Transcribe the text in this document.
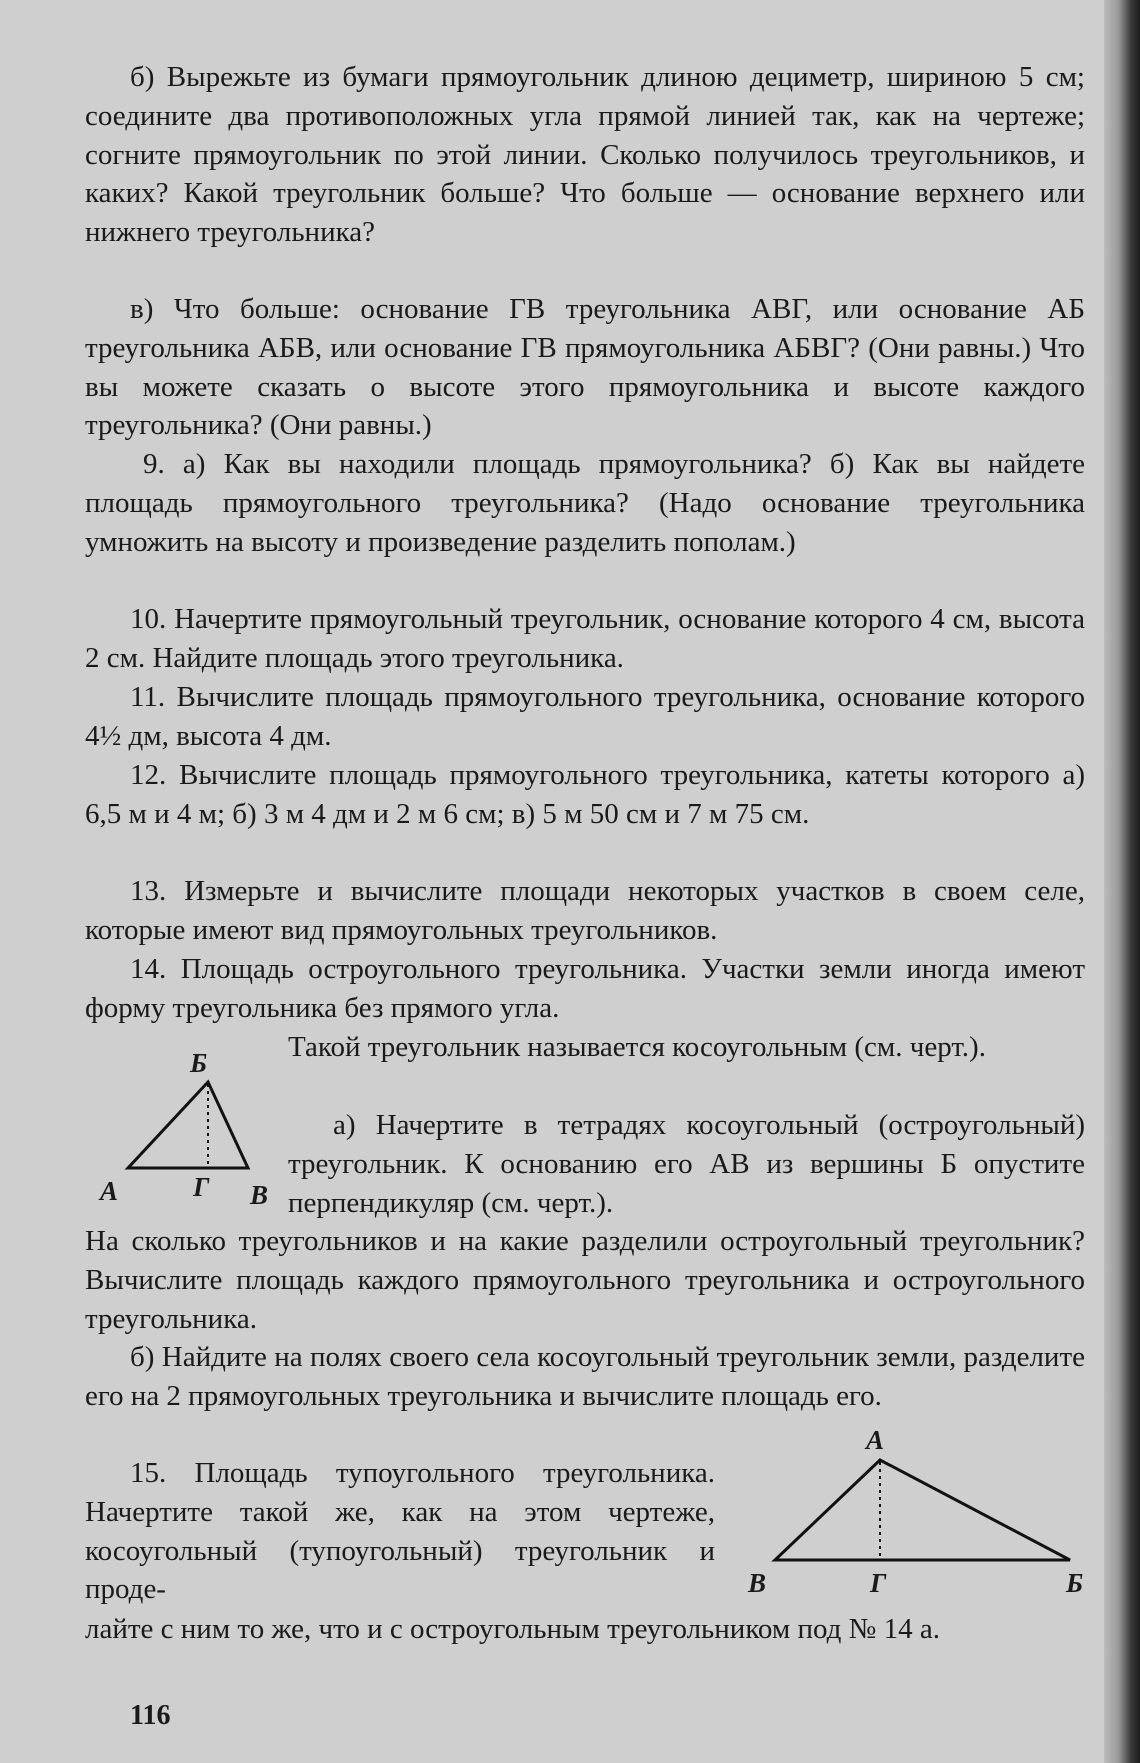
б) Вырежьте из бумаги прямоугольник длиною дециметр, шириною 5 см; соедините два противоположных угла прямой линией так, как на чертеже; согните прямоугольник по этой линии. Сколько получилось треугольников, и каких? Какой треугольник больше? Что больше — основание верхнего или нижнего треугольника?

в) Что больше: основание ГВ треугольника АВГ, или основание АБ треугольника АБВ, или основание ГВ прямоугольника АБВГ? (Они равны.) Что вы можете сказать о высоте этого прямоугольника и высоте каждого треугольника? (Они равны.)

9. а) Как вы находили площадь прямоугольника? б) Как вы найдете площадь прямоугольного треугольника? (Надо основание треугольника умножить на высоту и произведение разделить пополам.)

10. Начертите прямоугольный треугольник, основание которого 4 см, высота 2 см. Найдите площадь этого треугольника.

11. Вычислите площадь прямоугольного треугольника, основание которого 4½ дм, высота 4 дм.

12. Вычислите площадь прямоугольного треугольника, катеты которого а) 6,5 м и 4 м; б) 3 м 4 дм и 2 м 6 см; в) 5 м 50 см и 7 м 75 см.

13. Измерьте и вычислите площади некоторых участков в своем селе, которые имеют вид прямоугольных треугольников.

14. Площадь остроугольного треугольника. Участки земли иногда имеют форму треугольника без прямого угла.

Б
А	Г В

Такой треугольник называется косоугольным (см. черт.).

а) Начертите в тетрадях косоугольный (остроугольный) треугольник. К основанию его АВ из вершины Б опустите перпендикуляр (см. черт.).

На сколько треугольников и на какие разделили остроугольный треугольник? Вычислите площадь каждого прямоугольного треугольника и остроугольного треугольника.

б) Найдите на полях своего села косоугольный треугольник земли, разделите его на 2 прямоугольных треугольника и вычислите площадь его.

15. Площадь тупоугольного треугольника. Начертите такой же, как на этом чертеже, косоугольный (тупоугольный) треугольник и проде-

А
В	Г	Б

лайте с ним то же, что и с остроугольным треугольником под № 14 а.

116
